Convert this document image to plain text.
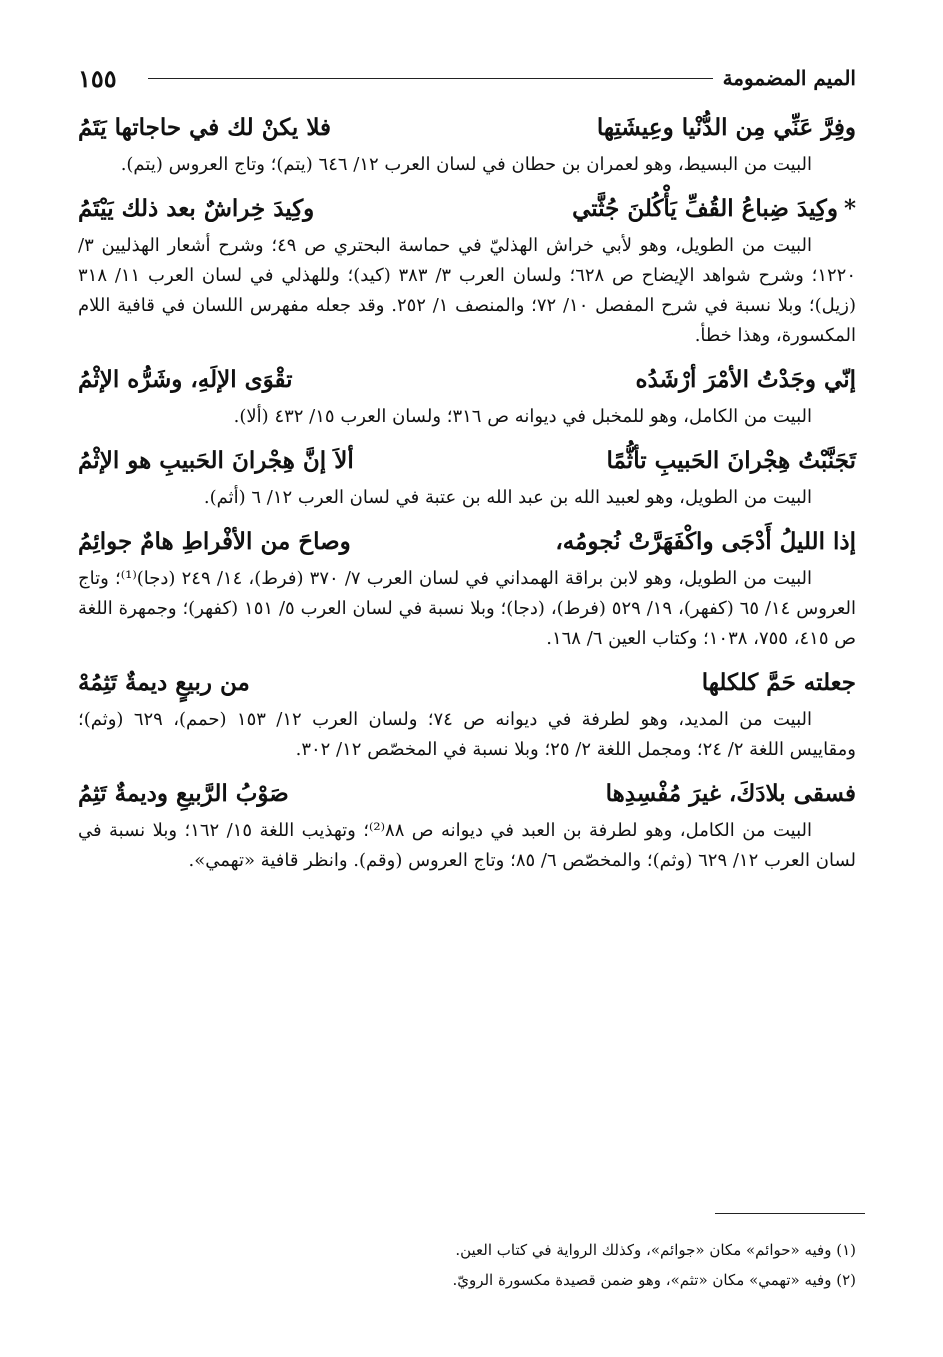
١٥٥	الميم المضمومة
وفِرَّ عَنِّي مِن الدُّنْيا وعِيشَتِها
فلا يكنْ لك في حاجاتها يَتَمُ

البيت من البسيط، وهو لعمران بن حطان في لسان العرب ١٢/ ٦٤٦ (يتم)؛ وتاج العروس (يتم).

*وكِيدَ ضِباعُ القُفِّ يَأْكُلنَ جُثَّتي
وكِيدَ خِراشٌ بعد ذلك يَيْتَمُ

البيت من الطويل، وهو لأبي خراش الهذليّ في حماسة البحتري ص ٤٩؛ وشرح أشعار الهذليين ٣/ ١٢٢٠؛ وشرح شواهد الإيضاح ص ٦٢٨؛ ولسان العرب ٣/ ٣٨٣ (كيد)؛ وللهذلي في لسان العرب ١١/ ٣١٨ (زيل)؛ وبلا نسبة في شرح المفصل ١٠/ ٧٢؛ والمنصف ١/ ٢٥٢. وقد جعله مفهرس اللسان في قافية اللام المكسورة، وهذا خطأ.

إنّي وجَدْتُ الأمْرَ أرْشَدُه
تقْوَى الإلَهِ، وشَرُّه الإثْمُ

البيت من الكامل، وهو للمخبل في ديوانه ص ٣١٦؛ ولسان العرب ١٥/ ٤٣٢ (ألا).

تَجَنَّبْتُ هِجْرانَ الحَبيبِ تأثُّمًا
ألاَ إنَّ هِجْرانَ الحَبيبِ هو الإثْمُ

البيت من الطويل، وهو لعبيد الله بن عبد الله بن عتبة في لسان العرب ١٢/ ٦ (أثم).

إذا الليلُ أَدْجَى واكْفَهَرَّتْ نُجومُه،
وصاحَ من الأفْراطِ هامٌ جوائِمُ

البيت من الطويل، وهو لابن براقة الهمداني في لسان العرب ٧/ ٣٧٠ (فرط)، ١٤/ ٢٤٩ (دجا)⁽¹⁾؛ وتاج العروس ١٤/ ٦٥ (كفهر)، ١٩/ ٥٢٩ (فرط)، (دجا)؛ وبلا نسبة في لسان العرب ٥/ ١٥١ (كفهر)؛ وجمهرة اللغة ص ٤١٥، ٧٥٥، ١٠٣٨؛ وكتاب العين ٦/ ١٦٨.

جعلته حَمَّ كلكلها
من ربيعٍ ديمةٌ تَثِمُهْ

البيت من المديد، وهو لطرفة في ديوانه ص ٧٤؛ ولسان العرب ١٢/ ١٥٣ (حمم)، ٦٢٩ (وثم)؛ ومقاييس اللغة ٢/ ٢٤؛ ومجمل اللغة ٢/ ٢٥؛ وبلا نسبة في المخصّص ١٢/ ٣٠٢.

فسقى بلادَكَ، غيرَ مُفْسِدِها
صَوْبُ الرَّبيعِ وديمةٌ تَثِمُ

البيت من الكامل، وهو لطرفة بن العبد في ديوانه ص ٨٨⁽²⁾؛ وتهذيب اللغة ١٥/ ١٦٢؛ وبلا نسبة في لسان العرب ١٢/ ٦٢٩ (وثم)؛ والمخصّص ٦/ ٨٥؛ وتاج العروس (وقم). وانظر قافية «تهمي».

(١) وفيه «حوائم» مكان «جوائم»، وكذلك الرواية في كتاب العين.
(٢) وفيه «تهمي» مكان «تثم»، وهو ضمن قصيدة مكسورة الرويّ.
